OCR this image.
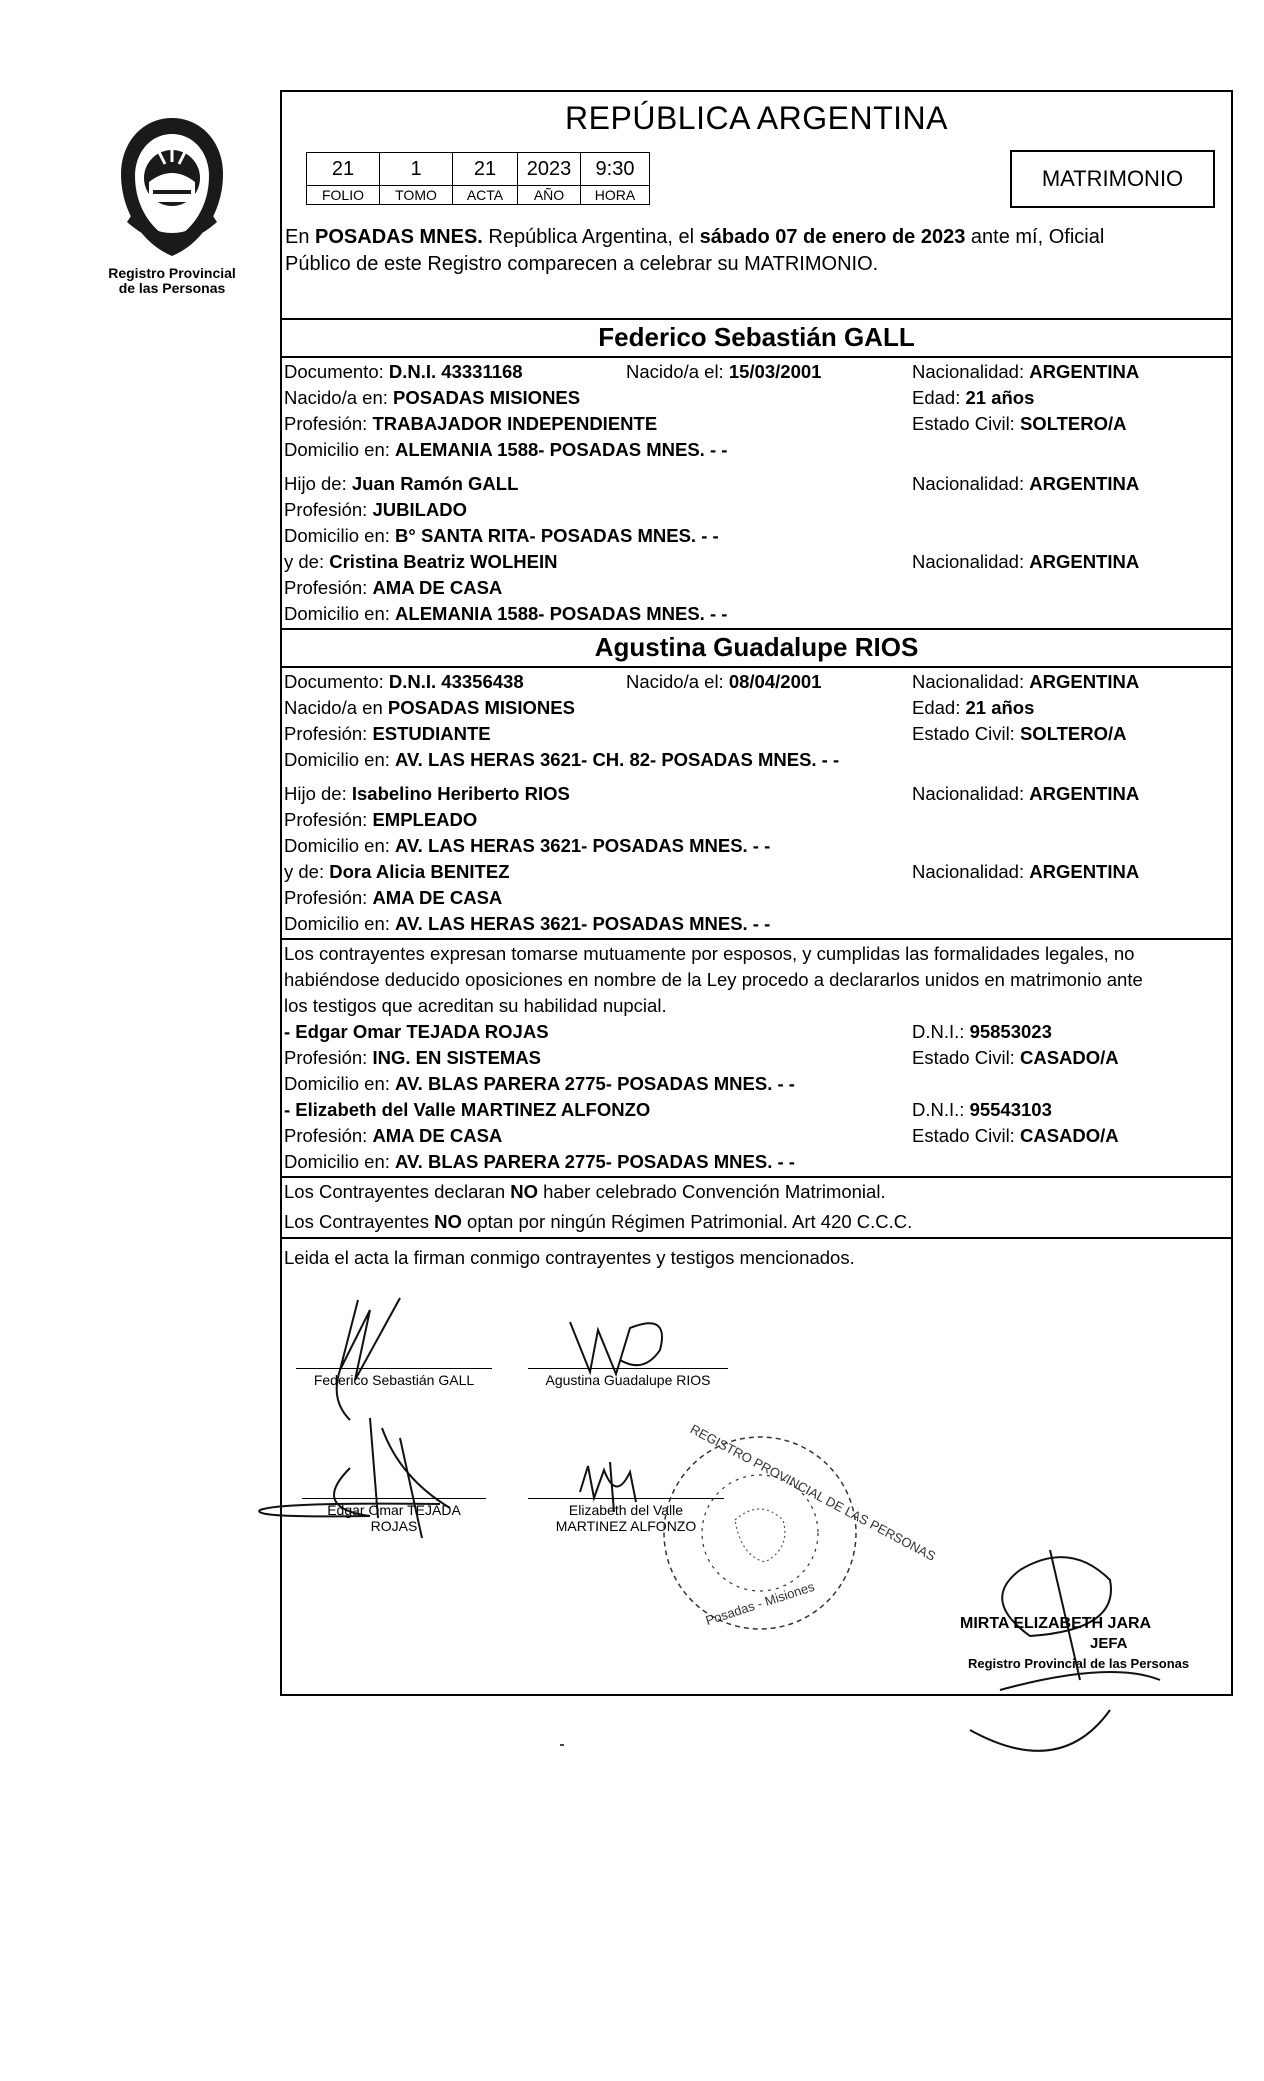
Registro Provincial
de las Personas
REPÚBLICA ARGENTINA
21	1	21	2023	9:30
FOLIO	TOMO	ACTA	AÑO	HORA
MATRIMONIO
En POSADAS MNES. República Argentina, el sábado 07 de enero de 2023 ante mí, Oficial
Público de este Registro comparecen a celebrar su MATRIMONIO.
Federico Sebastián GALL
Documento: D.N.I. 43331168	Nacido/a el: 15/03/2001	Nacionalidad: ARGENTINA
Nacido/a en: POSADAS MISIONES	Edad: 21 años
Profesión: TRABAJADOR INDEPENDIENTE	Estado Civil: SOLTERO/A
Domicilio en: ALEMANIA 1588- POSADAS MNES. - -
Hijo de: Juan Ramón GALL	Nacionalidad: ARGENTINA
Profesión: JUBILADO
Domicilio en: B° SANTA RITA- POSADAS MNES. - -
y de: Cristina Beatriz WOLHEIN	Nacionalidad: ARGENTINA
Profesión: AMA DE CASA
Domicilio en: ALEMANIA 1588- POSADAS MNES. - -
Agustina Guadalupe RIOS
Documento: D.N.I. 43356438	Nacido/a el: 08/04/2001	Nacionalidad: ARGENTINA
Nacido/a en POSADAS MISIONES	Edad: 21 años
Profesión: ESTUDIANTE	Estado Civil: SOLTERO/A
Domicilio en: AV. LAS HERAS 3621- CH. 82- POSADAS MNES. - -
Hijo de: Isabelino Heriberto RIOS	Nacionalidad: ARGENTINA
Profesión: EMPLEADO
Domicilio en: AV. LAS HERAS 3621- POSADAS MNES. - -
y de: Dora Alicia BENITEZ	Nacionalidad: ARGENTINA
Profesión: AMA DE CASA
Domicilio en: AV. LAS HERAS 3621- POSADAS MNES. - -
Los contrayentes expresan tomarse mutuamente por esposos, y cumplidas las formalidades legales, no
habiéndose deducido oposiciones en nombre de la Ley procedo a declararlos unidos en matrimonio ante
los testigos que acreditan su habilidad nupcial.
- Edgar Omar TEJADA ROJAS	D.N.I.: 95853023
Profesión: ING. EN SISTEMAS	Estado Civil: CASADO/A
Domicilio en: AV. BLAS PARERA 2775- POSADAS MNES. - -
- Elizabeth del Valle MARTINEZ ALFONZO	D.N.I.: 95543103
Profesión: AMA DE CASA	Estado Civil: CASADO/A
Domicilio en: AV. BLAS PARERA 2775- POSADAS MNES. - -
Los Contrayentes declaran NO haber celebrado Convención Matrimonial.
Los Contrayentes NO optan por ningún Régimen Patrimonial. Art 420 C.C.C.
Leida el acta la firman conmigo contrayentes y testigos mencionados.
Federico Sebastián GALL	Agustina Guadalupe RIOS
Edgar Omar TEJADA
ROJAS
Elizabeth del Valle
MARTINEZ ALFONZO
REGISTRO PROVINCIAL DE LAS PERSONAS
Posadas - Misiones	MIRTA ELIZABETH JARA
JEFA
Registro Provincial de las Personas
